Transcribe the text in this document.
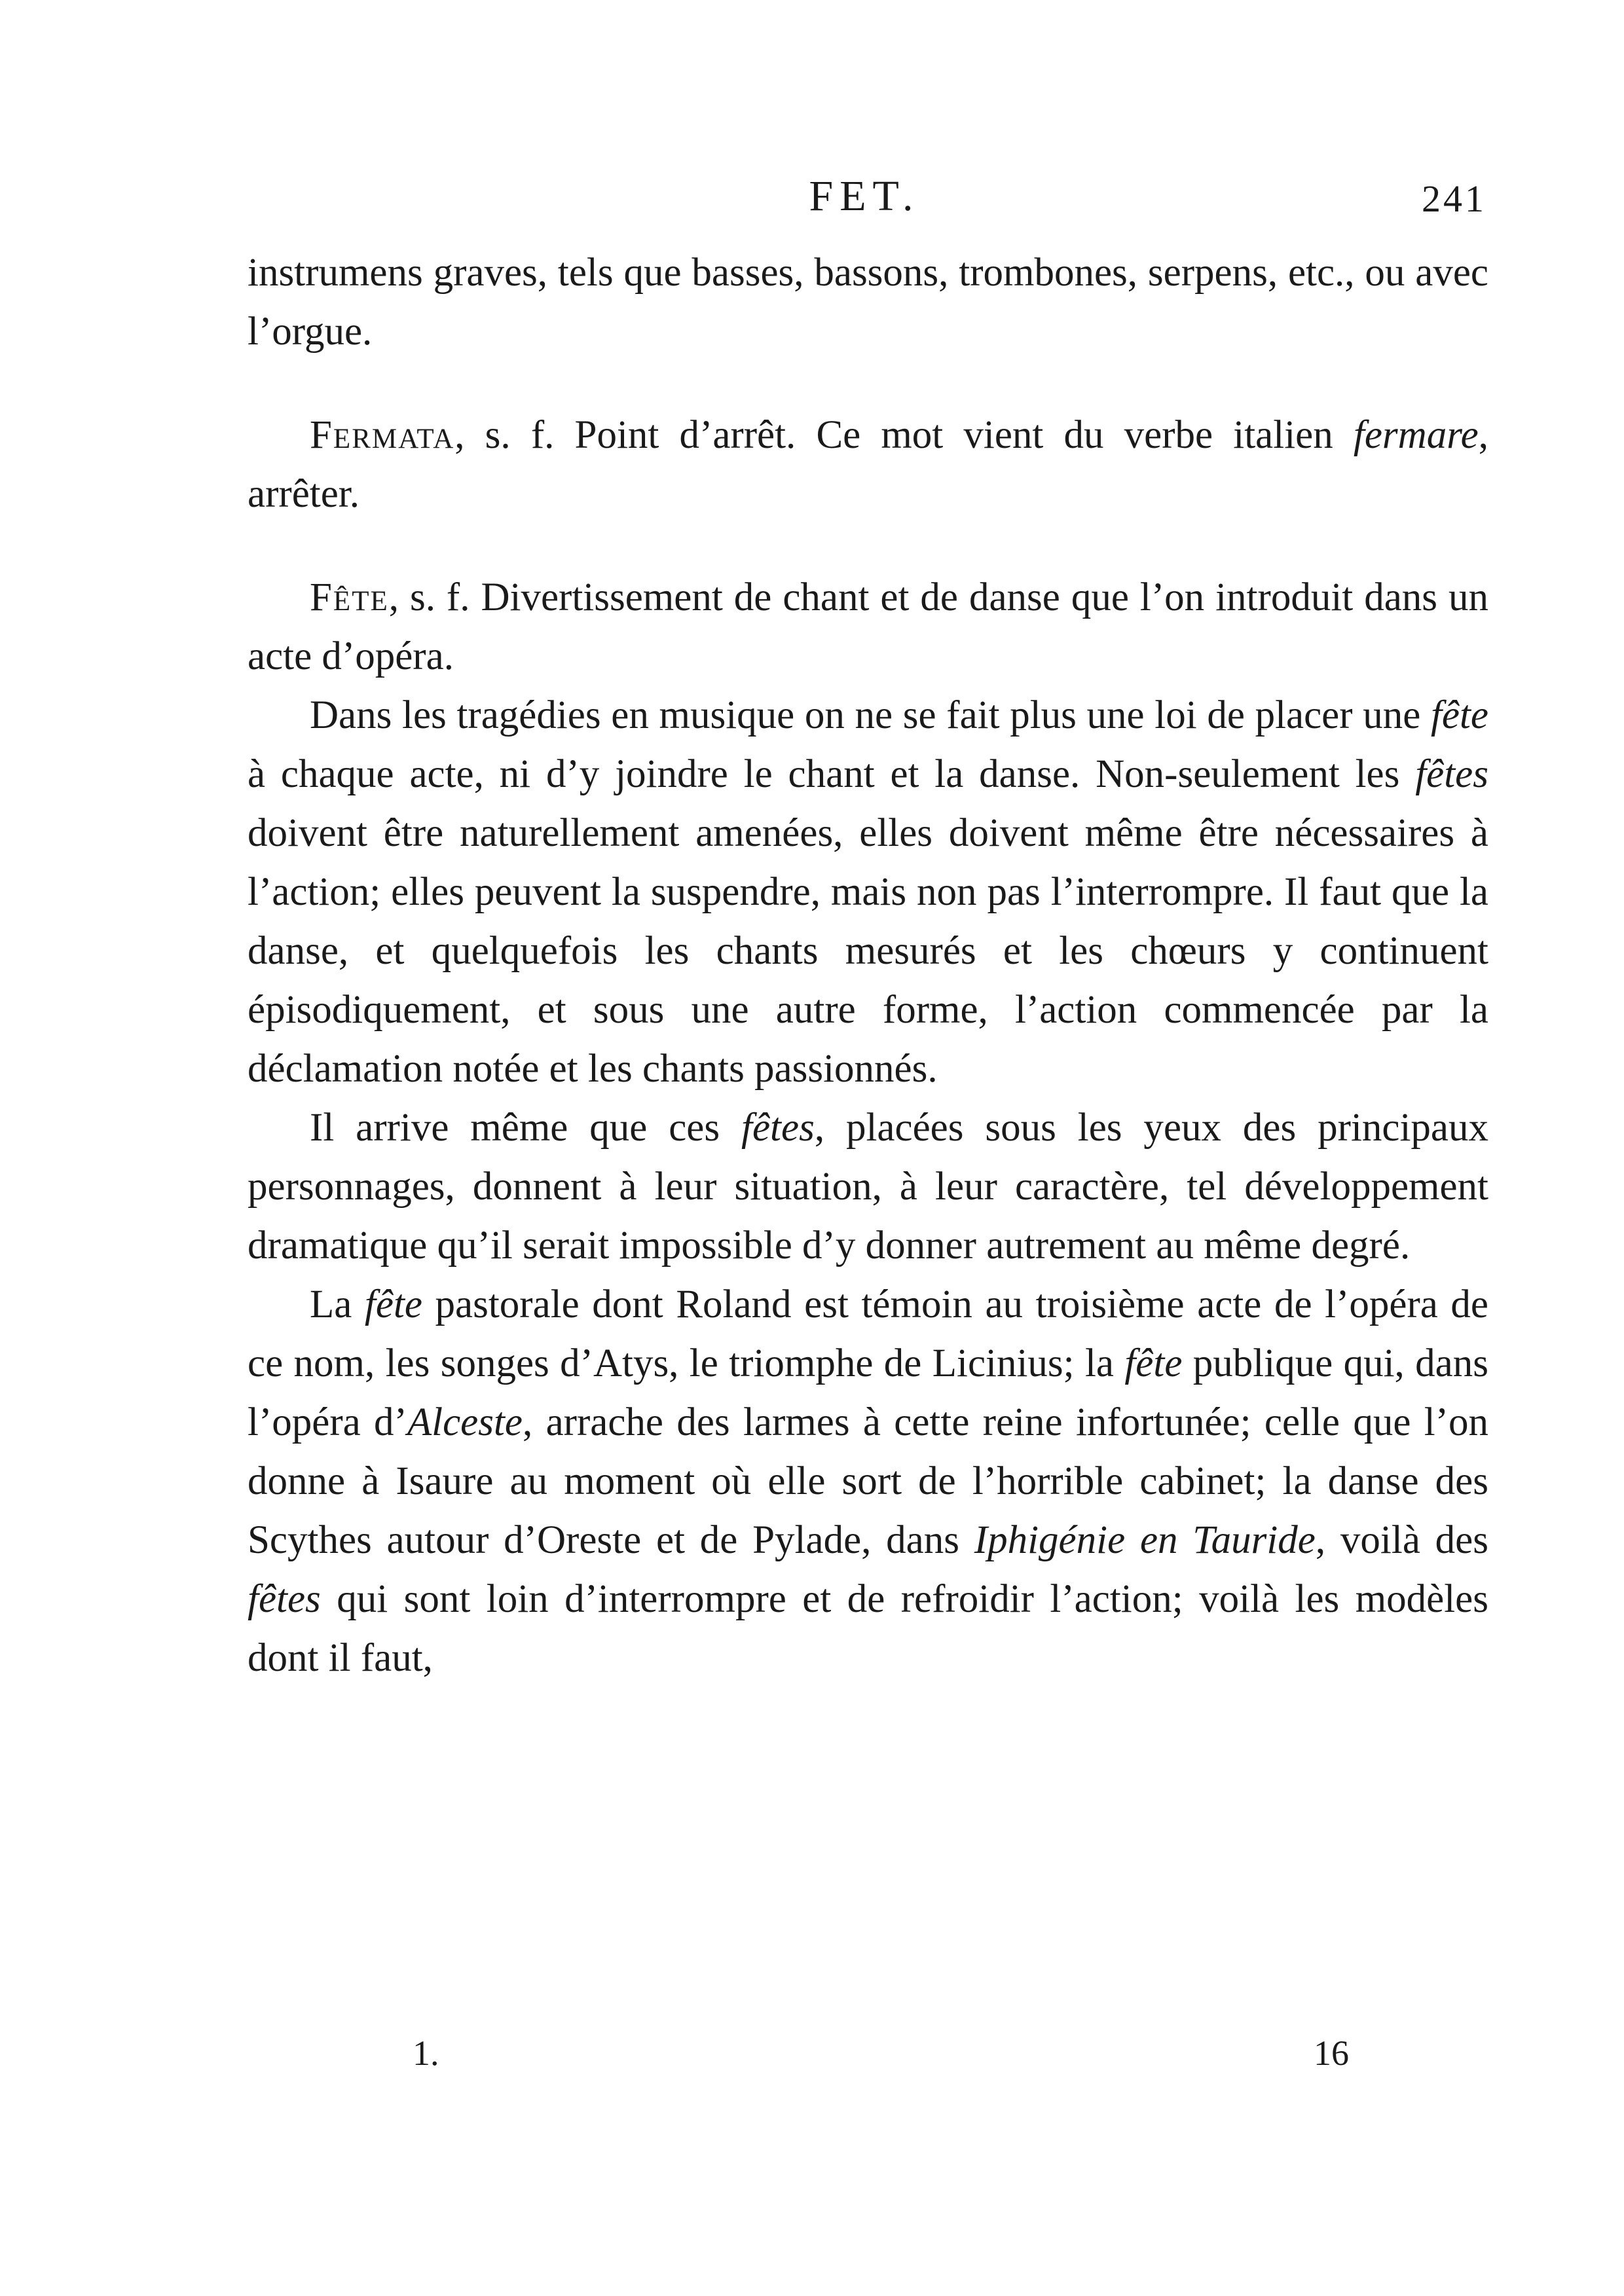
FET.	241

instrumens graves, tels que basses, bassons, trombones, serpens, etc., ou avec l’orgue.

Fermata, s. f. Point d’arrêt. Ce mot vient du verbe italien fermare, arrêter.

Fête, s. f. Divertissement de chant et de danse que l’on introduit dans un acte d’opéra.

Dans les tragédies en musique on ne se fait plus une loi de placer une fête à chaque acte, ni d’y joindre le chant et la danse. Non-seulement les fêtes doivent être naturellement amenées, elles doivent même être nécessaires à l’action; elles peuvent la suspendre, mais non pas l’interrompre. Il faut que la danse, et quelquefois les chants mesurés et les chœurs y continuent épisodiquement, et sous une autre forme, l’action commencée par la déclamation notée et les chants passionnés.

Il arrive même que ces fêtes, placées sous les yeux des principaux personnages, donnent à leur situation, à leur caractère, tel développement dramatique qu’il serait impossible d’y donner autrement au même degré.

La fête pastorale dont Roland est témoin au troisième acte de l’opéra de ce nom, les songes d’Atys, le triomphe de Licinius; la fête publique qui, dans l’opéra d’Alceste, arrache des larmes à cette reine infortunée; celle que l’on donne à Isaure au moment où elle sort de l’horrible cabinet; la danse des Scythes autour d’Oreste et de Pylade, dans Iphigénie en Tauride, voilà des fêtes qui sont loin d’interrompre et de refroidir l’action; voilà les modèles dont il faut,

1.	16
